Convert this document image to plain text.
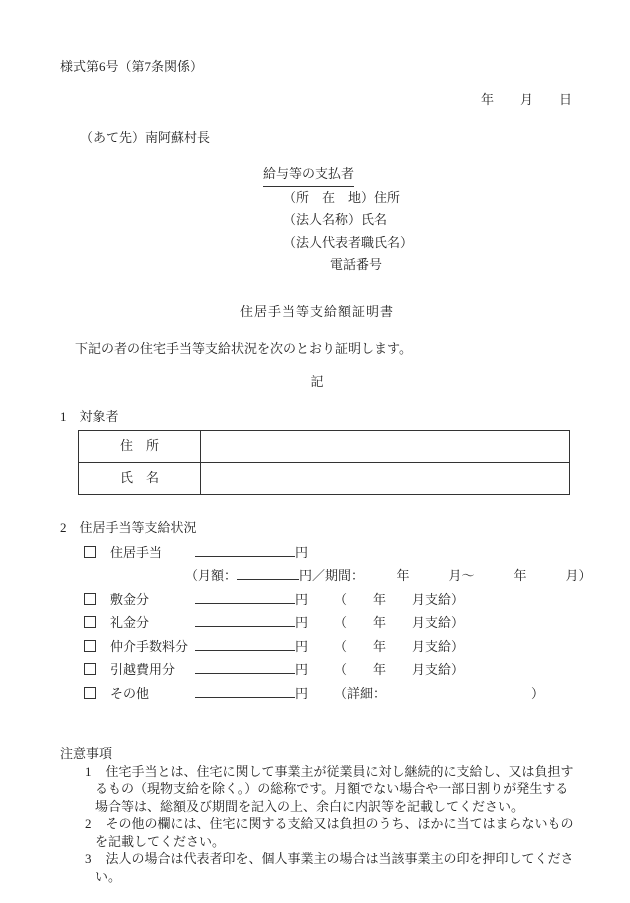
様式第6号（第7条関係）
年　　月　　日
（あて先）南阿蘇村長
給与等の支払者
（所　在　地）住所
（法人名称）氏名
（法人代表者職氏名）
電話番号
住居手当等支給額証明書
下記の者の住宅手当等支給状況を次のとおり証明します。
記
1　対象者
住　所	
氏　名	
2　住居手当等支給状況
住居手当	円
（月額：	円／期間：　　　年　　　月～　　　年　　　月）
敷金分	円 （　　年　　月支給）
礼金分	円 （　　年　　月支給）
仲介手数料分	円 （　　年　　月支給）
引越費用分	円 （　　年　　月支給）
その他	円 （詳細：	）
注意事項
1 住宅手当とは、住宅に関して事業主が従業員に対し継続的に支給し、又は負担するもの（現物支給を除く。）の総称です。月額でない場合や一部日割りが発生する場合等は、総額及び期間を記入の上、余白に内訳等を記載してください。
2 その他の欄には、住宅に関する支給又は負担のうち、ほかに当てはまらないものを記載してください。
3 法人の場合は代表者印を、個人事業主の場合は当該事業主の印を押印してください。
